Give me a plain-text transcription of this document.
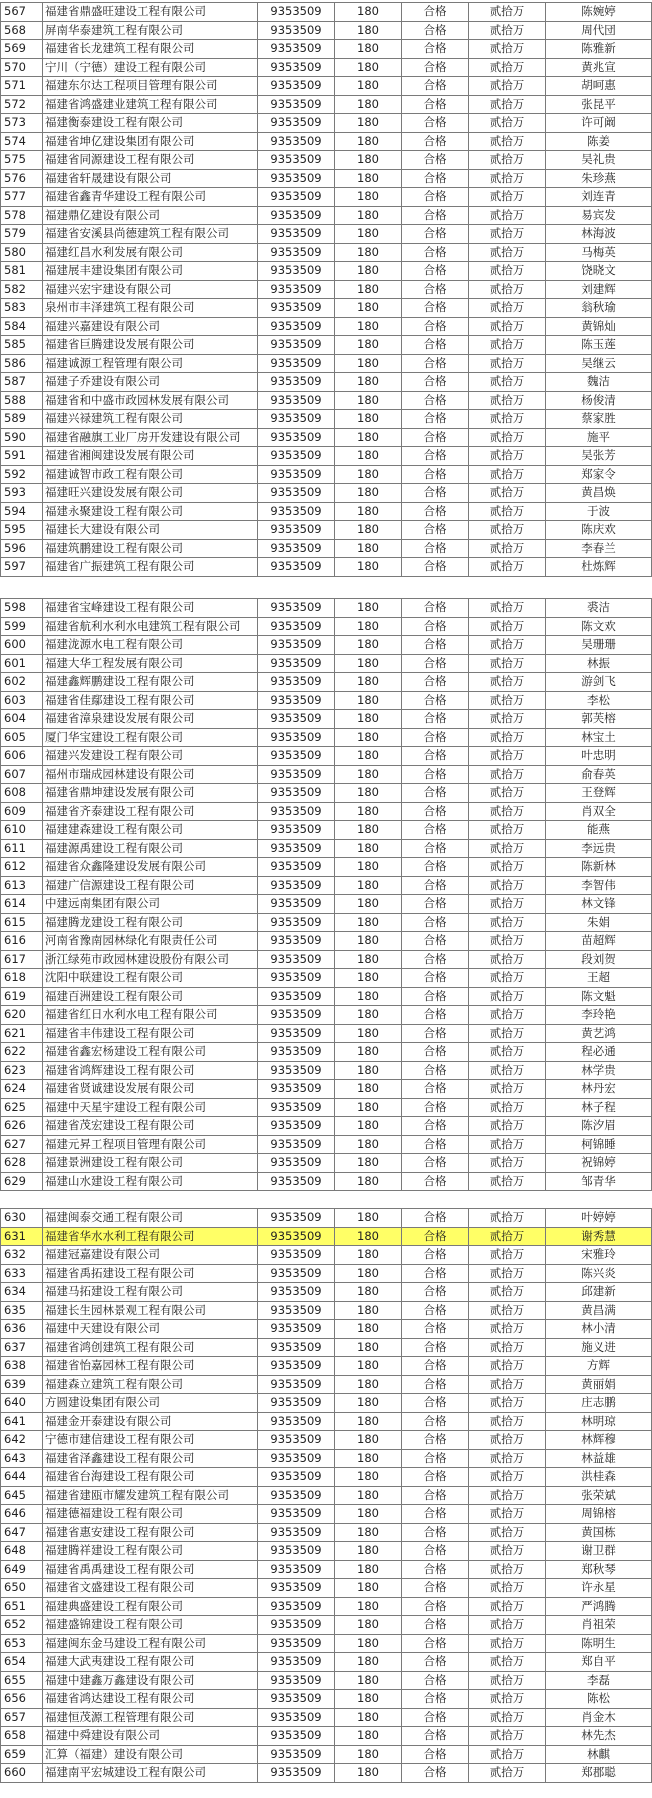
567	福建省鼎盛旺建设工程有限公司	9353509	180	合格	贰拾万	陈婉婷
568	屏南华泰建筑工程有限公司	9353509	180	合格	贰拾万	周代団
569	福建省长龙建筑工程有限公司	9353509	180	合格	贰拾万	陈雅新
570	宁川（宁德）建设工程有限公司	9353509	180	合格	贰拾万	黄兆宣
571	福建东尔达工程项目管理有限公司	9353509	180	合格	贰拾万	胡呵惠
572	福建省鸿盛建业建筑工程有限公司	9353509	180	合格	贰拾万	张昆平
573	福建衡泰建设工程有限公司	9353509	180	合格	贰拾万	许可阚
574	福建省坤亿建设集团有限公司	9353509	180	合格	贰拾万	陈姜
575	福建省同源建设工程有限公司	9353509	180	合格	贰拾万	吴礼贵
576	福建省轩晟建设有限公司	9353509	180	合格	贰拾万	朱珍燕
577	福建省鑫青华建设工程有限公司	9353509	180	合格	贰拾万	刘连青
578	福建鼎亿建设有限公司	9353509	180	合格	贰拾万	易宾发
579	福建省安溪县尚德建筑工程有限公司	9353509	180	合格	贰拾万	林海波
580	福建红昌水利发展有限公司	9353509	180	合格	贰拾万	马梅英
581	福建展丰建设集团有限公司	9353509	180	合格	贰拾万	饶晓文
582	福建兴宏宇建设有限公司	9353509	180	合格	贰拾万	刘建辉
583	泉州市丰泽建筑工程有限公司	9353509	180	合格	贰拾万	翁秋瑜
584	福建兴嘉建设有限公司	9353509	180	合格	贰拾万	黄锦灿
585	福建省巨腾建设发展有限公司	9353509	180	合格	贰拾万	陈玉莲
586	福建诚源工程管理有限公司	9353509	180	合格	贰拾万	吴继云
587	福建子乔建设有限公司	9353509	180	合格	贰拾万	魏洁
588	福建省和中盛市政园林发展有限公司	9353509	180	合格	贰拾万	杨俊清
589	福建兴禄建筑工程有限公司	9353509	180	合格	贰拾万	蔡家胜
590	福建省融旗工业厂房开发建设有限公司	9353509	180	合格	贰拾万	施平
591	福建省湘闽建设发展有限公司	9353509	180	合格	贰拾万	吴张芳
592	福建诚智市政工程有限公司	9353509	180	合格	贰拾万	郑家令
593	福建旺兴建设发展有限公司	9353509	180	合格	贰拾万	黄昌焕
594	福建永聚建设工程有限公司	9353509	180	合格	贰拾万	于波
595	福建长大建设有限公司	9353509	180	合格	贰拾万	陈庆欢
596	福建筑鹏建设工程有限公司	9353509	180	合格	贰拾万	李春兰
597	福建省广振建筑工程有限公司	9353509	180	合格	贰拾万	杜炼辉
598	福建省宝峰建设工程有限公司	9353509	180	合格	贰拾万	裘洁
599	福建省航利水利水电建筑工程有限公司	9353509	180	合格	贰拾万	陈文欢
600	福建泷源水电工程有限公司	9353509	180	合格	贰拾万	吴珊珊
601	福建大华工程发展有限公司	9353509	180	合格	贰拾万	林振
602	福建鑫辉鹏建设工程有限公司	9353509	180	合格	贰拾万	游剑飞
603	福建省佳鄢建设工程有限公司	9353509	180	合格	贰拾万	李松
604	福建省漳泉建设发展有限公司	9353509	180	合格	贰拾万	郭芙榕
605	厦门华宝建设工程有限公司	9353509	180	合格	贰拾万	林宝土
606	福建兴发建设工程有限公司	9353509	180	合格	贰拾万	叶忠明
607	福州市瑞成园林建设有限公司	9353509	180	合格	贰拾万	俞春英
608	福建省鼎坤建设发展有限公司	9353509	180	合格	贰拾万	王登辉
609	福建省齐泰建设工程有限公司	9353509	180	合格	贰拾万	肖双全
610	福建建森建设工程有限公司	9353509	180	合格	贰拾万	能燕
611	福建源禹建设工程有限公司	9353509	180	合格	贰拾万	李远贵
612	福建省众鑫隆建设发展有限公司	9353509	180	合格	贰拾万	陈新林
613	福建广信源建设工程有限公司	9353509	180	合格	贰拾万	李智伟
614	中建远南集团有限公司	9353509	180	合格	贰拾万	林文锋
615	福建腾龙建设工程有限公司	9353509	180	合格	贰拾万	朱娟
616	河南省豫南园林绿化有限责任公司	9353509	180	合格	贰拾万	苗超辉
617	浙江绿苑市政园林建设股份有限公司	9353509	180	合格	贰拾万	段刘贺
618	沈阳中联建设工程有限公司	9353509	180	合格	贰拾万	王超
619	福建百洲建设工程有限公司	9353509	180	合格	贰拾万	陈文魁
620	福建省红日水利水电工程有限公司	9353509	180	合格	贰拾万	李玲艳
621	福建省丰伟建设工程有限公司	9353509	180	合格	贰拾万	黄艺鸿
622	福建省鑫宏杨建设工程有限公司	9353509	180	合格	贰拾万	程必通
623	福建省鸿辉建设工程有限公司	9353509	180	合格	贰拾万	林学贵
624	福建省贤诚建设发展有限公司	9353509	180	合格	贰拾万	林丹宏
625	福建中天星宇建设工程有限公司	9353509	180	合格	贰拾万	林子程
626	福建省茂宏建设工程有限公司	9353509	180	合格	贰拾万	陈汐眉
627	福建元昇工程项目管理有限公司	9353509	180	合格	贰拾万	柯锦睡
628	福建景洲建设工程有限公司	9353509	180	合格	贰拾万	祝锦婷
629	福建山水建设工程有限公司	9353509	180	合格	贰拾万	邹青华
630	福建闽泰交通工程有限公司	9353509	180	合格	贰拾万	叶婷婷
631	福建省华水水利工程有限公司	9353509	180	合格	贰拾万	谢秀慧
632	福建冠嘉建设有限公司	9353509	180	合格	贰拾万	宋雅玲
633	福建省禹拓建设工程有限公司	9353509	180	合格	贰拾万	陈兴炎
634	福建马拓建设工程有限公司	9353509	180	合格	贰拾万	邱建新
635	福建长生园林景观工程有限公司	9353509	180	合格	贰拾万	黄昌满
636	福建中天建设有限公司	9353509	180	合格	贰拾万	林小清
637	福建省鸿创建筑工程有限公司	9353509	180	合格	贰拾万	施义进
638	福建省怡嘉园林工程有限公司	9353509	180	合格	贰拾万	方辉
639	福建森立建筑工程有限公司	9353509	180	合格	贰拾万	黄丽娟
640	方圆建设集团有限公司	9353509	180	合格	贰拾万	庄志鹏
641	福建金开泰建设有限公司	9353509	180	合格	贰拾万	林明琼
642	宁德市建信建设工程有限公司	9353509	180	合格	贰拾万	林辉穆
643	福建省泽鑫建设工程有限公司	9353509	180	合格	贰拾万	林益雄
644	福建省台海建设工程有限公司	9353509	180	合格	贰拾万	洪桂森
645	福建省建瓯市耀发建筑工程有限公司	9353509	180	合格	贰拾万	张荣斌
646	福建德福建设工程有限公司	9353509	180	合格	贰拾万	周锦榕
647	福建省惠安建设工程有限公司	9353509	180	合格	贰拾万	黄国栋
648	福建腾祥建设工程有限公司	9353509	180	合格	贰拾万	谢卫群
649	福建省禹禹建设工程有限公司	9353509	180	合格	贰拾万	郑秋琴
650	福建省文盛建设工程有限公司	9353509	180	合格	贰拾万	许永星
651	福建典盛建设工程有限公司	9353509	180	合格	贰拾万	严鸿腾
652	福建盛锦建设工程有限公司	9353509	180	合格	贰拾万	肖祖荣
653	福建闽东金马建设工程有限公司	9353509	180	合格	贰拾万	陈明生
654	福建大武夷建设工程有限公司	9353509	180	合格	贰拾万	郑自平
655	福建中建鑫万鑫建设有限公司	9353509	180	合格	贰拾万	李磊
656	福建省鸿达建设工程有限公司	9353509	180	合格	贰拾万	陈松
657	福建恒茂源工程管理有限公司	9353509	180	合格	贰拾万	肖金木
658	福建中舜建设有限公司	9353509	180	合格	贰拾万	林先杰
659	汇算（福建）建设有限公司	9353509	180	合格	贰拾万	林麒
660	福建南平宏城建设工程有限公司	9353509	180	合格	贰拾万	郑郡聪
